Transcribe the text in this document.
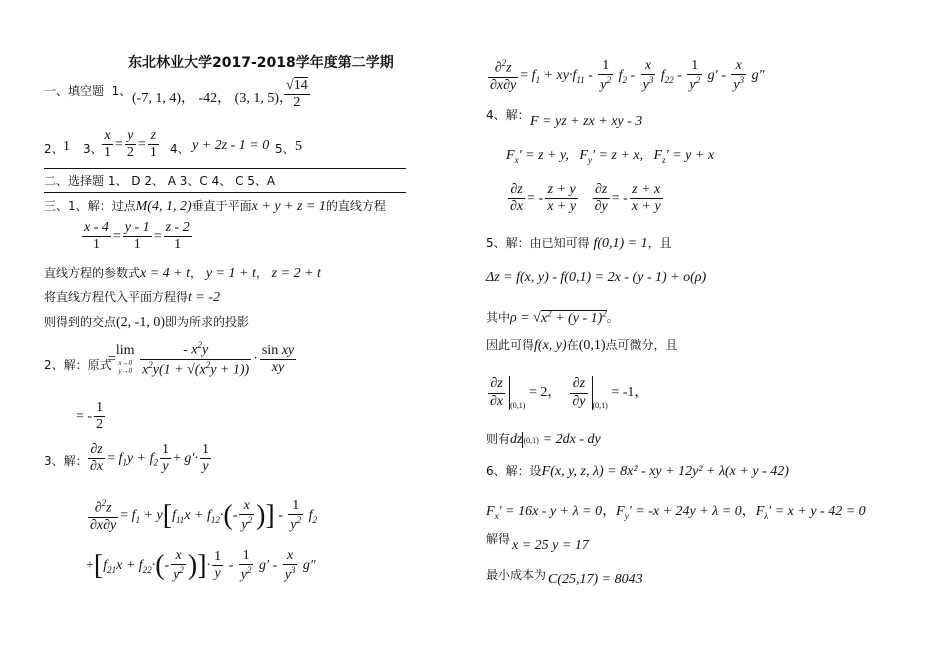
东北林业大学2017-2018学年度第二学期
一、填空题 1、 (-7, 1, 4)， -42， (3, 1, 5)，
$\frac{√14}{2}$
2、 1 3、 $\frac{x}{1} = \frac{y}{2} = \frac{z}{1} 4$、 y + 2z - 1 = 0 5、 5
二、选择题 1、 D 2、 A 3、C 4、 C 5、A
三、1、解：过点M(4, 1, 2)垂直于平面x + y + z = 1的直线方程
$\frac{x - 4}{1} = \frac{y - 1}{1} = \frac{z - 2}{1}$
直线方程的参数式x = 4 + t， y = 1 + t， z = 2 + t
将直线方程代入平面方程得t = -2
则得到的交点(2, -1, 0)即为所求的投影
2、解：原式
=
lim
x→0
y→0
$\frac{- x^2y}{x^2y(1 + √(x^2y + 1))} \cdot \frac{\text{sin xy}}{xy}$
= - $\frac{1}{2}$
3、解： $\frac{\partial z}{\partial x} = f_1y + f_2 \frac{1}{y} + g'\cdot \frac{1}{y}$
$\frac{\partial^2z}{\partial x\partial y} = f_1 + y[f_{11}x + f_{12}\cdot(- \frac{x}{y^2}$ )] - $\frac{1}{y^2} f_2$
$+[f_{21}x + f_{22}\cdot(- \frac{x}{y^2}$ )]· $\frac{1}{y} - \frac{1}{y^2} g' - \frac{x}{y^3} g''$
$\frac{\partial^2z}{\partial x\partial y} = f_1 + xy\cdot f_{11} - \frac{1}{y^2} f_2 - \frac{x}{y^3} f_{22} - \frac{1}{y^2} g' - \frac{x}{y^3} g''$
4、解： F = yz + zx + xy - 3
$F_x' = z + y$,   $F_y' = z + x$,   $F_z' = y + x$
$\frac{\partial z}{\partial x}$ = - $\frac{z + y}{x + y}$
$\frac{\partial z}{\partial y}$ = - $\frac{z + x}{x + y}$
5、解：由已知可得 f(0,1) = 1，且
Δz = f(x, y) - f(0,1) = 2x - (y - 1) + o(ρ)
其中$\rho = √x^2 + (y - 1)^2$。
因此可得f(x, y)在(0,1)点可微分，且
$\frac{\partial z}{\partial x} _{(0,1)} = 2$， $\frac{\partial z}{\partial y} _{(0,1)} = -1$，
则有dz(0,1) = 2dx - dy
6、解：设F(x, y, z, λ) = 8x² - xy + 12y² + λ(x + y - 42)
$F_x' = 16x - y + \lambda = 0$，$F_y' = -x + 24y + \lambda = 0$，$F_\lambda' = x + y - 42 = 0$
解得 x = 25 y = 17
最小成本为 C(25,17) = 8043
